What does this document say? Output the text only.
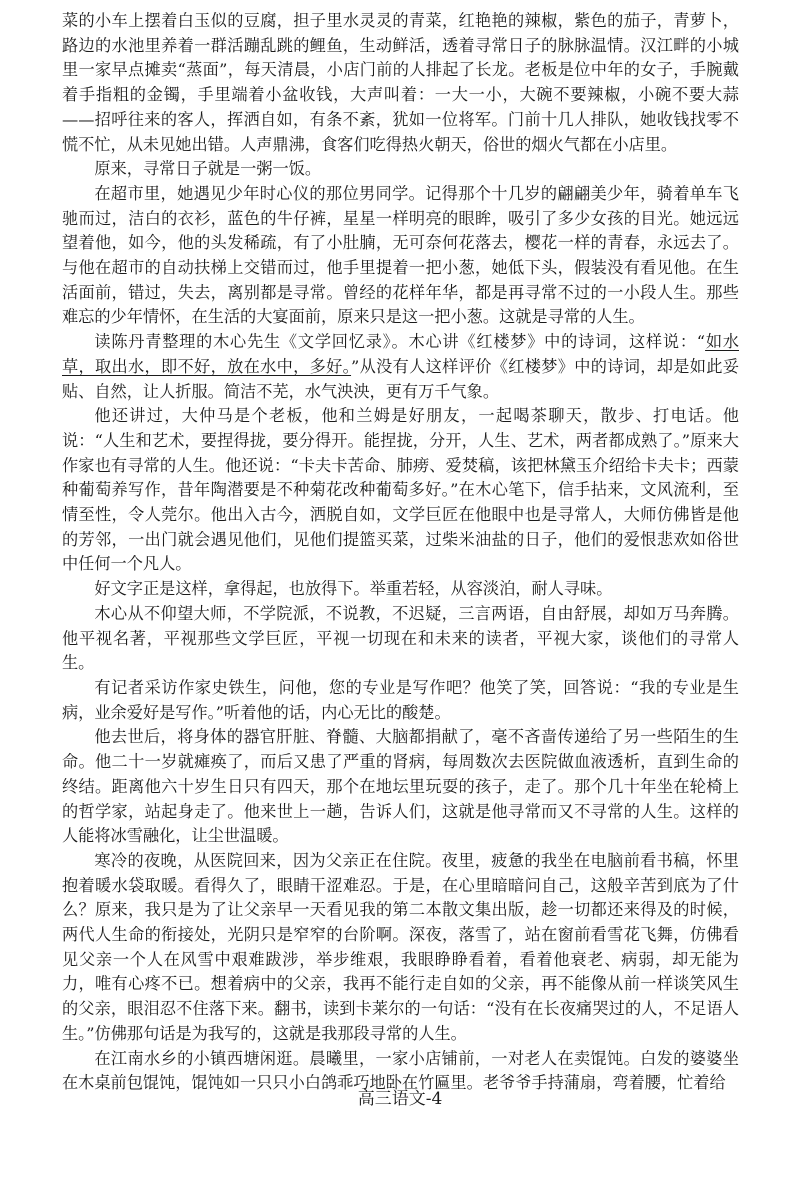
菜的小车上摆着白玉似的豆腐，担子里水灵灵的青菜，红艳艳的辣椒，紫色的茄子，青萝卜，路边的水池里养着一群活蹦乱跳的鲤鱼，生动鲜活，透着寻常日子的脉脉温情。汉江畔的小城里一家早点摊卖“蒸面”，每天清晨，小店门前的人排起了长龙。老板是位中年的女子，手腕戴着手指粗的金镯，手里端着小盆收钱，大声叫着：一大一小，大碗不要辣椒，小碗不要大蒜——招呼往来的客人，挥洒自如，有条不紊，犹如一位将军。门前十几人排队，她收钱找零不慌不忙，从未见她出错。人声鼎沸，食客们吃得热火朝天，俗世的烟火气都在小店里。

原来，寻常日子就是一粥一饭。

在超市里，她遇见少年时心仪的那位男同学。记得那个十几岁的翩翩美少年，骑着单车飞驰而过，洁白的衣衫，蓝色的牛仔裤，星星一样明亮的眼眸，吸引了多少女孩的目光。她远远望着他，如今，他的头发稀疏，有了小肚腩，无可奈何花落去，樱花一样的青春，永远去了。与他在超市的自动扶梯上交错而过，他手里提着一把小葱，她低下头，假装没有看见他。在生活面前，错过，失去，离别都是寻常。曾经的花样年华，都是再寻常不过的一小段人生。那些难忘的少年情怀，在生活的大宴面前，原来只是这一把小葱。这就是寻常的人生。

读陈丹青整理的木心先生《文学回忆录》。木心讲《红楼梦》中的诗词，这样说：“如水草，取出水，即不好，放在水中，多好。”从没有人这样评价《红楼梦》中的诗词，却是如此妥贴、自然，让人折服。简洁不芜，水气泱泱，更有万千气象。

他还讲过，大仲马是个老板，他和兰姆是好朋友，一起喝茶聊天，散步、打电话。他说：“人生和艺术，要捏得拢，要分得开。能捏拢，分开，人生、艺术，两者都成熟了。”原来大作家也有寻常的人生。他还说：“卡夫卡苦命、肺痨、爱焚稿，该把林黛玉介绍给卡夫卡；西蒙种葡萄养写作，昔年陶潜要是不种菊花改种葡萄多好。”在木心笔下，信手拈来，文风流利，至情至性，令人莞尔。他出入古今，洒脱自如，文学巨匠在他眼中也是寻常人，大师仿佛皆是他的芳邻，一出门就会遇见他们，见他们提篮买菜，过柴米油盐的日子，他们的爱恨悲欢如俗世中任何一个凡人。

好文字正是这样，拿得起，也放得下。举重若轻，从容淡泊，耐人寻味。

木心从不仰望大师，不学院派，不说教，不迟疑，三言两语，自由舒展，却如万马奔腾。他平视名著，平视那些文学巨匠，平视一切现在和未来的读者，平视大家，谈他们的寻常人生。

有记者采访作家史铁生，问他，您的专业是写作吧？他笑了笑，回答说：“我的专业是生病，业余爱好是写作。”听着他的话，内心无比的酸楚。

他去世后，将身体的器官肝脏、脊髓、大脑都捐献了，毫不吝啬传递给了另一些陌生的生命。他二十一岁就瘫痪了，而后又患了严重的肾病，每周数次去医院做血液透析，直到生命的终结。距离他六十岁生日只有四天，那个在地坛里玩耍的孩子，走了。那个几十年坐在轮椅上的哲学家，站起身走了。他来世上一趟，告诉人们，这就是他寻常而又不寻常的人生。这样的人能将冰雪融化，让尘世温暖。

寒冷的夜晚，从医院回来，因为父亲正在住院。夜里，疲惫的我坐在电脑前看书稿，怀里抱着暖水袋取暖。看得久了，眼睛干涩难忍。于是，在心里暗暗问自己，这般辛苦到底为了什么？原来，我只是为了让父亲早一天看见我的第二本散文集出版，趁一切都还来得及的时候，两代人生命的衔接处，光阴只是窄窄的台阶啊。深夜，落雪了，站在窗前看雪花飞舞，仿佛看见父亲一个人在风雪中艰难跋涉，举步维艰，我眼睁睁看着，看着他衰老、病弱，却无能为力，唯有心疼不已。想着病中的父亲，我再不能行走自如的父亲，再不能像从前一样谈笑风生的父亲，眼泪忍不住落下来。翻书，读到卡莱尔的一句话：“没有在长夜痛哭过的人，不足语人生。”仿佛那句话是为我写的，这就是我那段寻常的人生。

在江南水乡的小镇西塘闲逛。晨曦里，一家小店铺前，一对老人在卖馄饨。白发的婆婆坐在木桌前包馄饨，馄饨如一只只小白鸽乖巧地卧在竹匾里。老爷爷手持蒲扇，弯着腰，忙着给

高三语文-4
